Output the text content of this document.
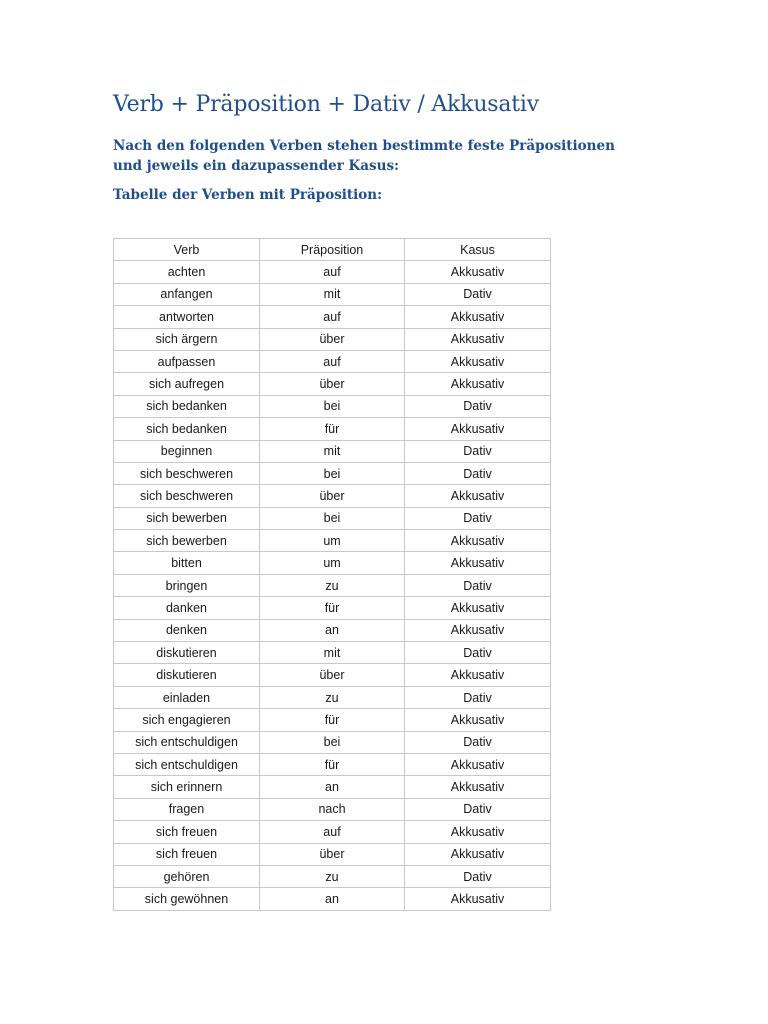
Verb + Präposition + Dativ / Akkusativ

Nach den folgenden Verben stehen bestimmte feste Präpositionen und jeweils ein dazupassender Kasus:

Tabelle der Verben mit Präposition:
Verb	Präposition	Kasus
achten	auf	Akkusativ
anfangen	mit	Dativ
antworten	auf	Akkusativ
sich ärgern	über	Akkusativ
aufpassen	auf	Akkusativ
sich aufregen	über	Akkusativ
sich bedanken	bei	Dativ
sich bedanken	für	Akkusativ
beginnen	mit	Dativ
sich beschweren	bei	Dativ
sich beschweren	über	Akkusativ
sich bewerben	bei	Dativ
sich bewerben	um	Akkusativ
bitten	um	Akkusativ
bringen	zu	Dativ
danken	für	Akkusativ
denken	an	Akkusativ
diskutieren	mit	Dativ
diskutieren	über	Akkusativ
einladen	zu	Dativ
sich engagieren	für	Akkusativ
sich entschuldigen	bei	Dativ
sich entschuldigen	für	Akkusativ
sich erinnern	an	Akkusativ
fragen	nach	Dativ
sich freuen	auf	Akkusativ
sich freuen	über	Akkusativ
gehören	zu	Dativ
sich gewöhnen	an	Akkusativ
